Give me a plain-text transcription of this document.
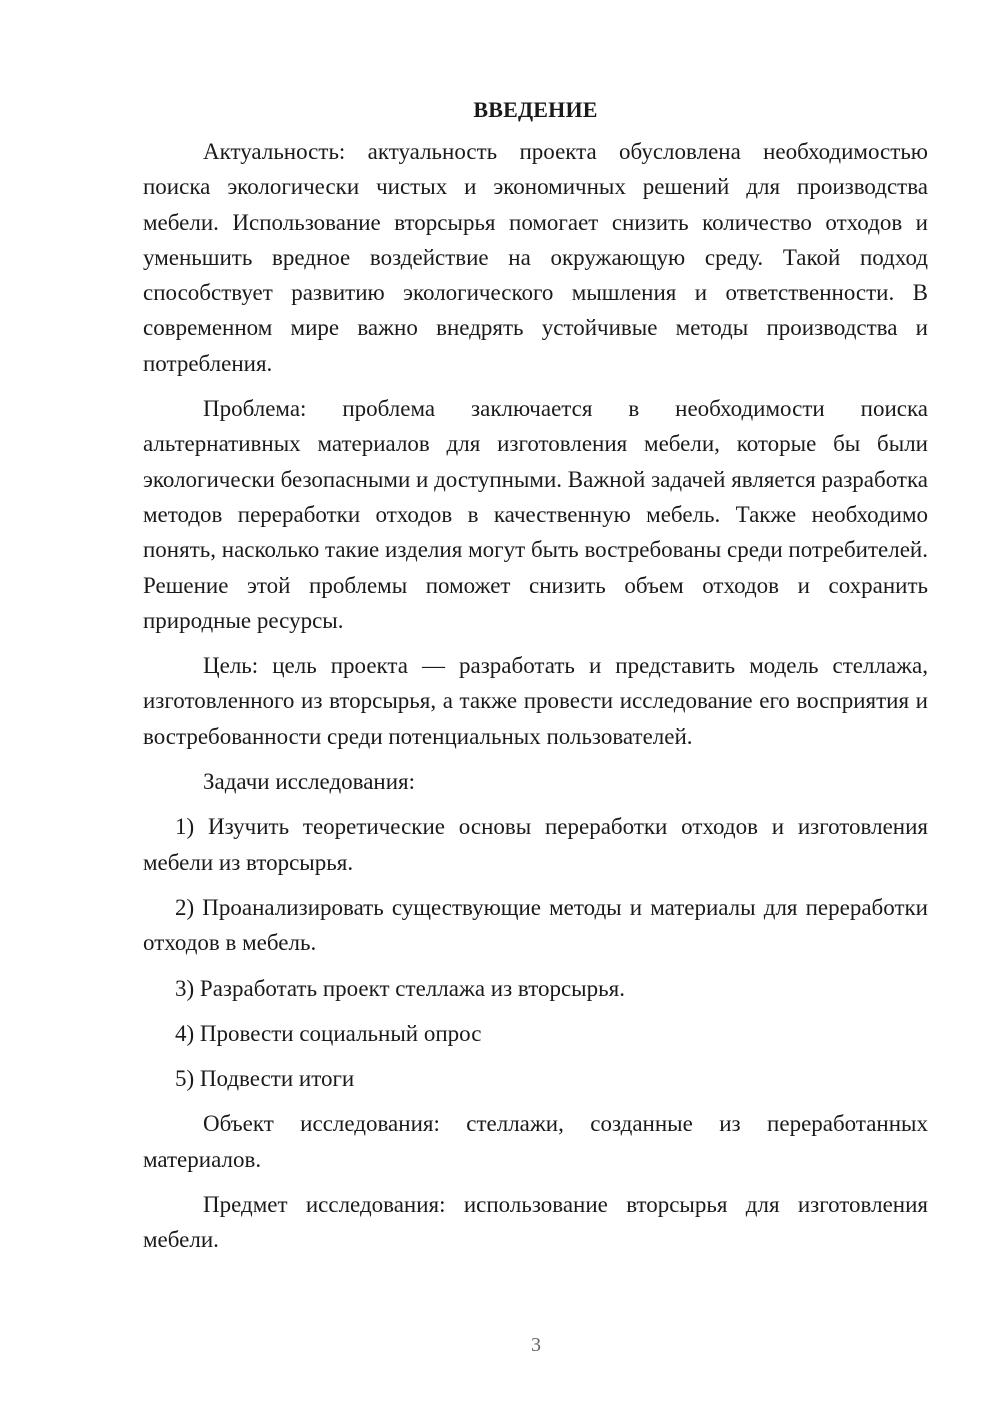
ВВЕДЕНИЕ

Актуальность: актуальность проекта обусловлена необходимостью поиска экологически чистых и экономичных решений для производства мебели. Использование вторсырья помогает снизить количество отходов и уменьшить вредное воздействие на окружающую среду. Такой подход способствует развитию экологического мышления и ответственности. В современном мире важно внедрять устойчивые методы производства и потребления.

Проблема: проблема заключается в необходимости поиска альтернативных материалов для изготовления мебели, которые бы были экологически безопасными и доступными. Важной задачей является разработка методов переработки отходов в качественную мебель. Также необходимо понять, насколько такие изделия могут быть востребованы среди потребителей. Решение этой проблемы поможет снизить объем отходов и сохранить природные ресурсы.

Цель: цель проекта — разработать и представить модель стеллажа, изготовленного из вторсырья, а также провести исследование его восприятия и востребованности среди потенциальных пользователей.

Задачи исследования:

1) Изучить теоретические основы переработки отходов и изготовления мебели из вторсырья.

2) Проанализировать существующие методы и материалы для переработки отходов в мебель.

3) Разработать проект стеллажа из вторсырья.

4) Провести социальный опрос

5) Подвести итоги

Объект исследования: стеллажи, созданные из переработанных материалов.

Предмет исследования: использование вторсырья для изготовления мебели.

3
